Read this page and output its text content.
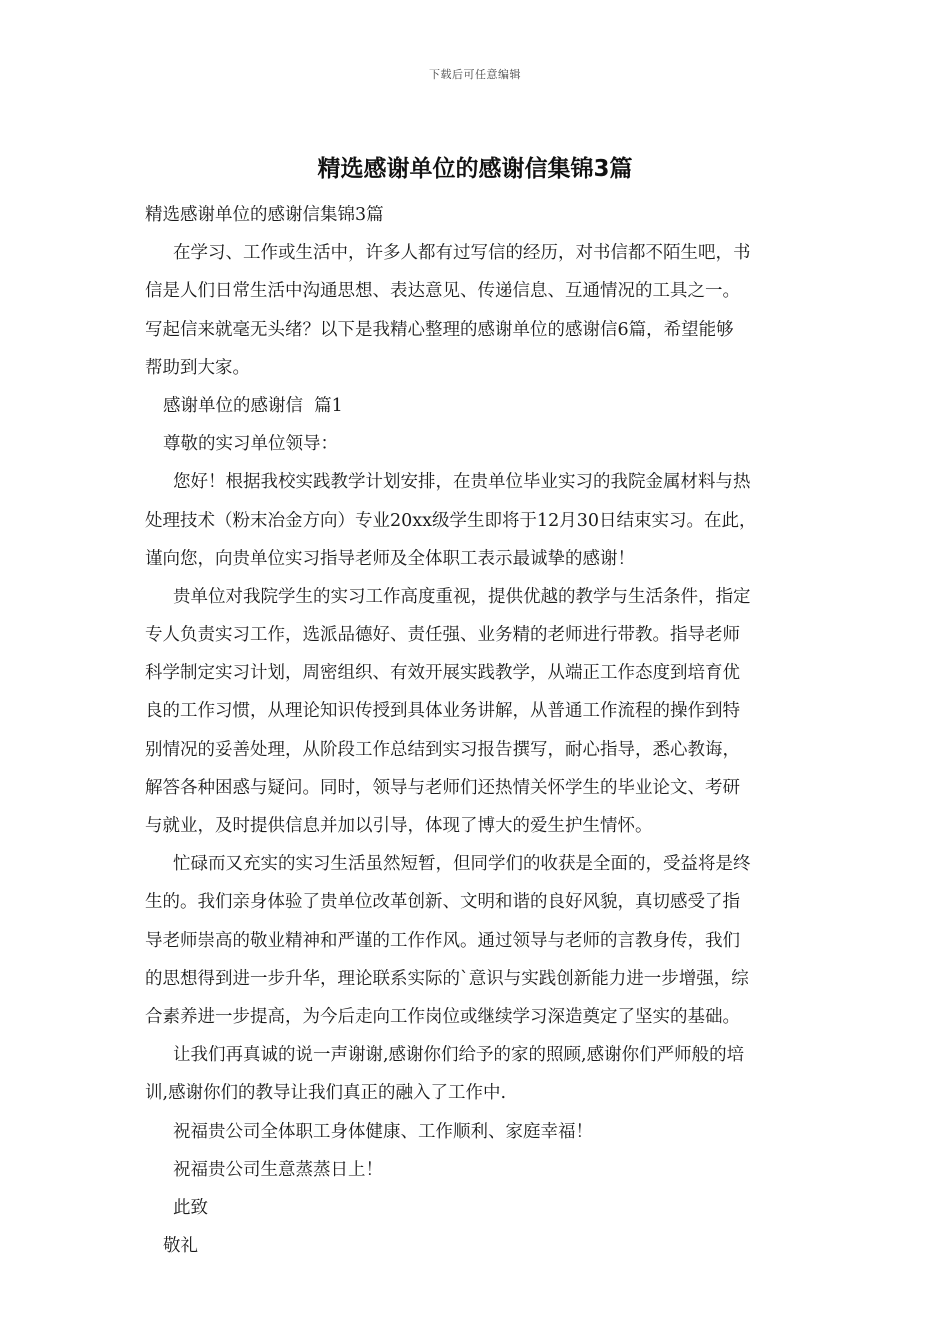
下载后可任意编辑
精选感谢单位的感谢信集锦3篇
精选感谢单位的感谢信集锦3篇
在学习、工作或生活中，许多人都有过写信的经历，对书信都不陌生吧，书
信是人们日常生活中沟通思想、表达意见、传递信息、互通情况的工具之一。
写起信来就毫无头绪？以下是我精心整理的感谢单位的感谢信6篇，希望能够
帮助到大家。
感谢单位的感谢信  篇1
尊敬的实习单位领导：
您好！根据我校实践教学计划安排，在贵单位毕业实习的我院金属材料与热
处理技术（粉末冶金方向）专业20xx级学生即将于12月30日结束实习。在此，
谨向您，向贵单位实习指导老师及全体职工表示最诚挚的感谢！
贵单位对我院学生的实习工作高度重视，提供优越的教学与生活条件，指定
专人负责实习工作，选派品德好、责任强、业务精的老师进行带教。指导老师
科学制定实习计划，周密组织、有效开展实践教学，从端正工作态度到培育优
良的工作习惯，从理论知识传授到具体业务讲解，从普通工作流程的操作到特
别情况的妥善处理，从阶段工作总结到实习报告撰写，耐心指导，悉心教诲，
解答各种困惑与疑问。同时，领导与老师们还热情关怀学生的毕业论文、考研
与就业，及时提供信息并加以引导，体现了博大的爱生护生情怀。
忙碌而又充实的实习生活虽然短暂，但同学们的收获是全面的，受益将是终
生的。我们亲身体验了贵单位改革创新、文明和谐的良好风貌，真切感受了指
导老师崇高的敬业精神和严谨的工作作风。通过领导与老师的言教身传，我们
的思想得到进一步升华，理论联系实际的`意识与实践创新能力进一步增强，综
合素养进一步提高，为今后走向工作岗位或继续学习深造奠定了坚实的基础。
让我们再真诚的说一声谢谢,感谢你们给予的家的照顾,感谢你们严师般的培
训,感谢你们的教导让我们真正的融入了工作中.
祝福贵公司全体职工身体健康、工作顺利、家庭幸福！
祝福贵公司生意蒸蒸日上！
此致
敬礼
